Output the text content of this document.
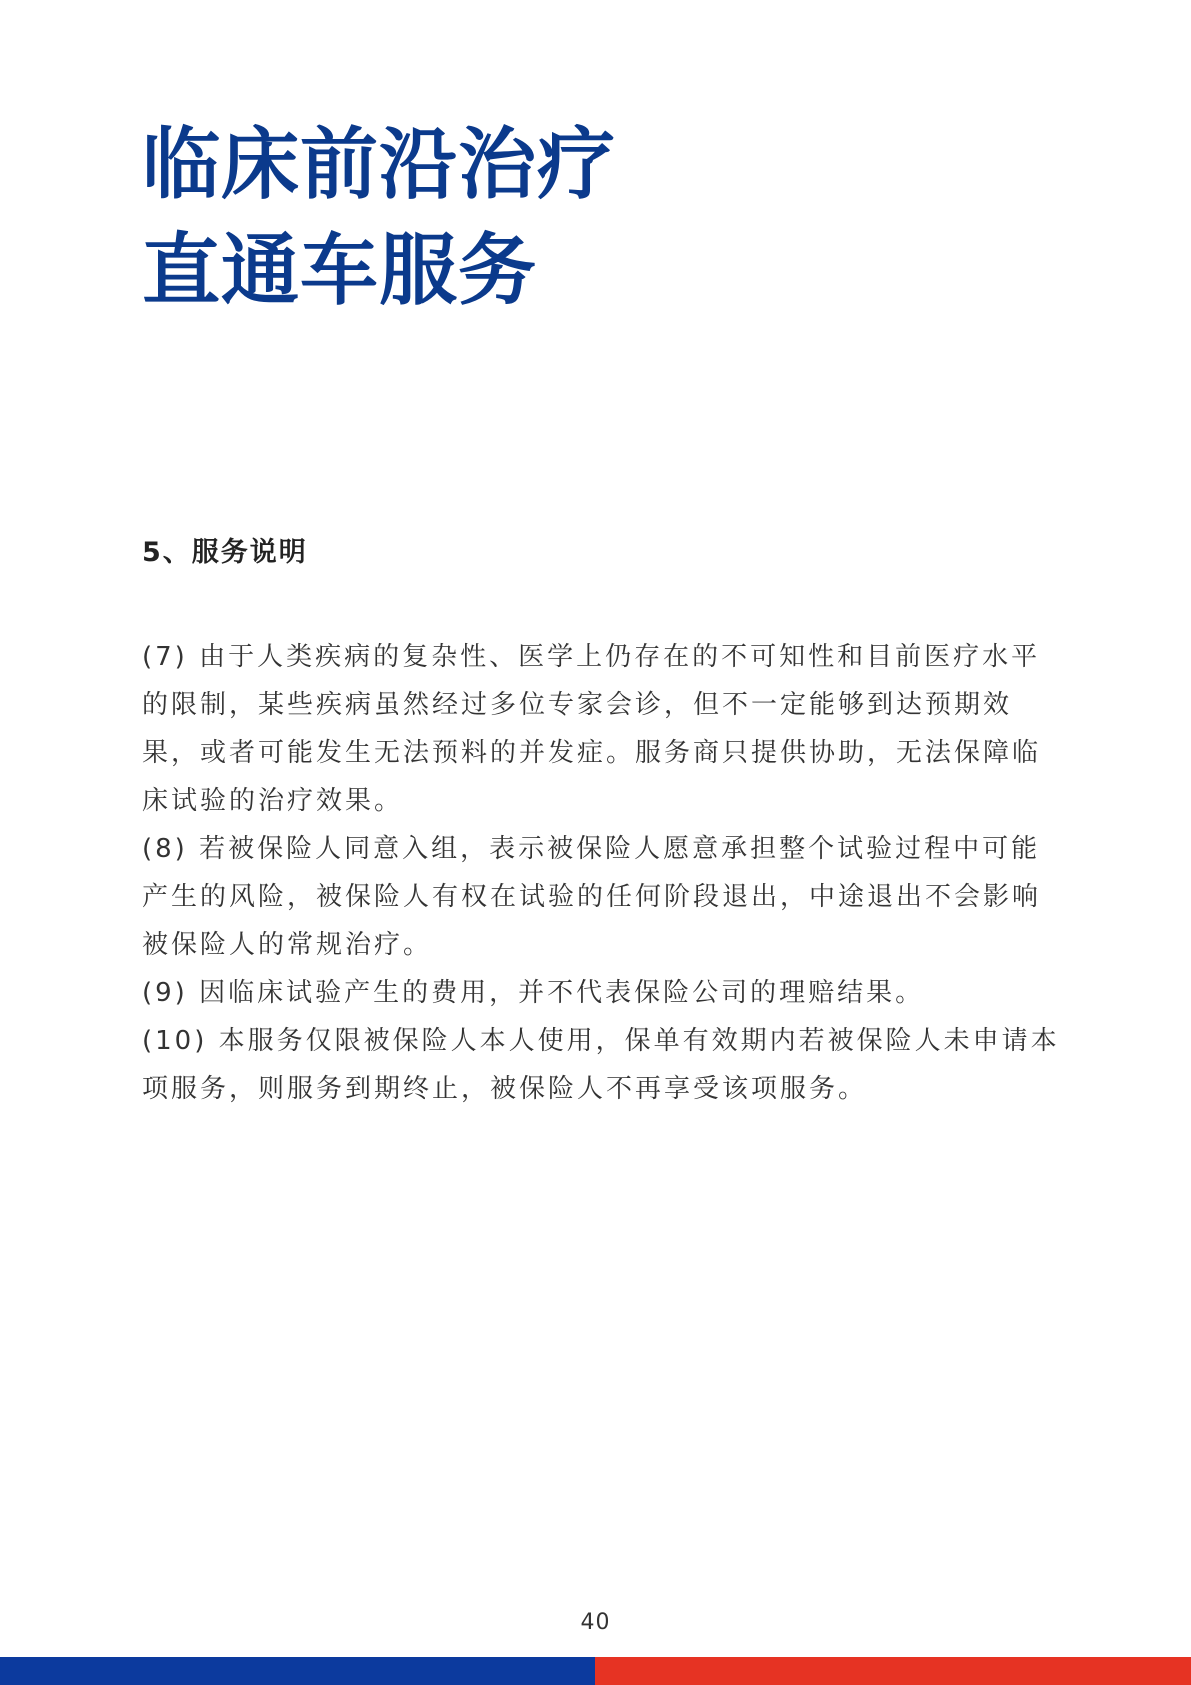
临床前沿治疗
直通车服务
5、服务说明
(7) 由于人类疾病的复杂性、医学上仍存在的不可知性和目前医疗水平
的限制，某些疾病虽然经过多位专家会诊，但不一定能够到达预期效
果，或者可能发生无法预料的并发症。服务商只提供协助，无法保障临
床试验的治疗效果。
(8) 若被保险人同意入组，表示被保险人愿意承担整个试验过程中可能
产生的风险，被保险人有权在试验的任何阶段退出，中途退出不会影响
被保险人的常规治疗。
(9) 因临床试验产生的费用，并不代表保险公司的理赔结果。
(10) 本服务仅限被保险人本人使用，保单有效期内若被保险人未申请本
项服务，则服务到期终止，被保险人不再享受该项服务。
40
